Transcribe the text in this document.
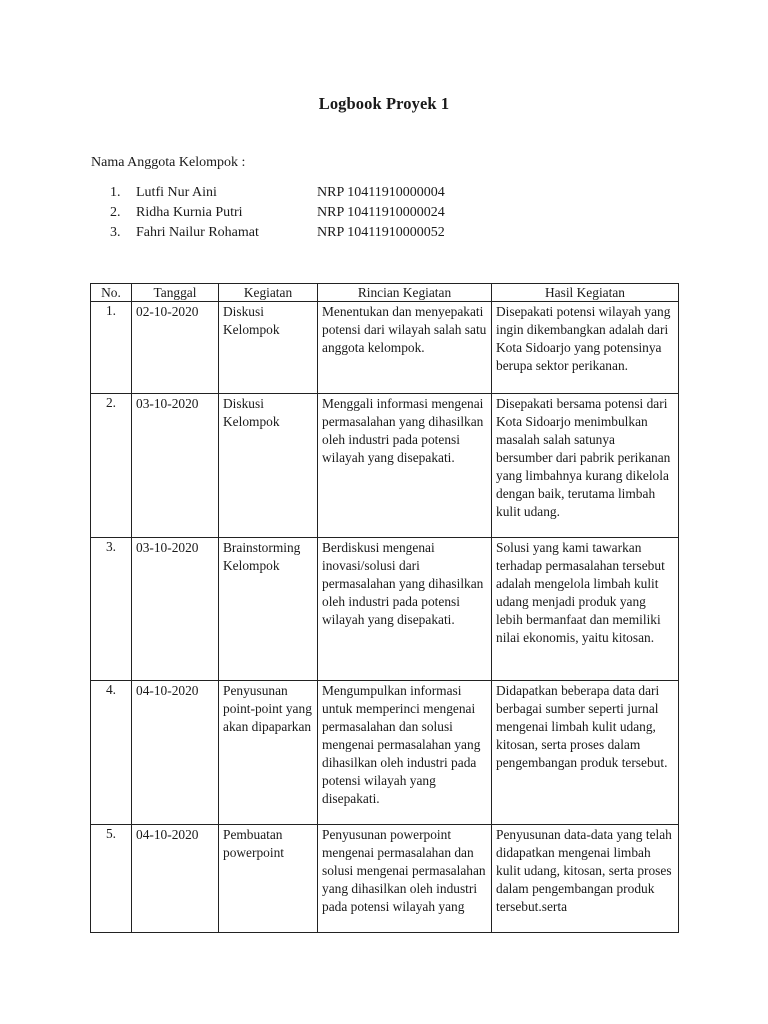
Logbook Proyek 1
Nama Anggota Kelompok :
1. Lutfi Nur Aini	NRP 10411910000004
2. Ridha Kurnia Putri	NRP 10411910000024
3. Fahri Nailur Rohamat	NRP 10411910000052
No.	Tanggal	Kegiatan	Rincian Kegiatan	Hasil Kegiatan
1.	02-10-2020	Diskusi Kelompok	Menentukan dan menyepakati potensi dari wilayah salah satu anggota kelompok.	Disepakati potensi wilayah yang ingin dikembangkan adalah dari Kota Sidoarjo yang potensinya berupa sektor perikanan.
2.	03-10-2020	Diskusi Kelompok	Menggali informasi mengenai permasalahan yang dihasilkan oleh industri pada potensi wilayah yang disepakati.	Disepakati bersama potensi dari Kota Sidoarjo menimbulkan masalah salah satunya bersumber dari pabrik perikanan yang limbahnya kurang dikelola dengan baik, terutama limbah kulit udang.
3.	03-10-2020	Brainstorming Kelompok	Berdiskusi mengenai inovasi/solusi dari permasalahan yang dihasilkan oleh industri pada potensi wilayah yang disepakati.	Solusi yang kami tawarkan terhadap permasalahan tersebut adalah mengelola limbah kulit udang menjadi produk yang lebih bermanfaat dan memiliki nilai ekonomis, yaitu kitosan.
4.	04-10-2020	Penyusunan point-point yang akan dipaparkan	Mengumpulkan informasi untuk memperinci mengenai permasalahan dan solusi mengenai permasalahan yang dihasilkan oleh industri pada potensi wilayah yang disepakati.	Didapatkan beberapa data dari berbagai sumber seperti jurnal mengenai limbah kulit udang, kitosan, serta proses dalam pengembangan produk tersebut.
5.	04-10-2020	Pembuatan powerpoint	Penyusunan powerpoint mengenai permasalahan dan solusi mengenai permasalahan yang dihasilkan oleh industri pada potensi wilayah yang	Penyusunan data-data yang telah didapatkan mengenai limbah kulit udang, kitosan, serta proses dalam pengembangan produk tersebut.serta
